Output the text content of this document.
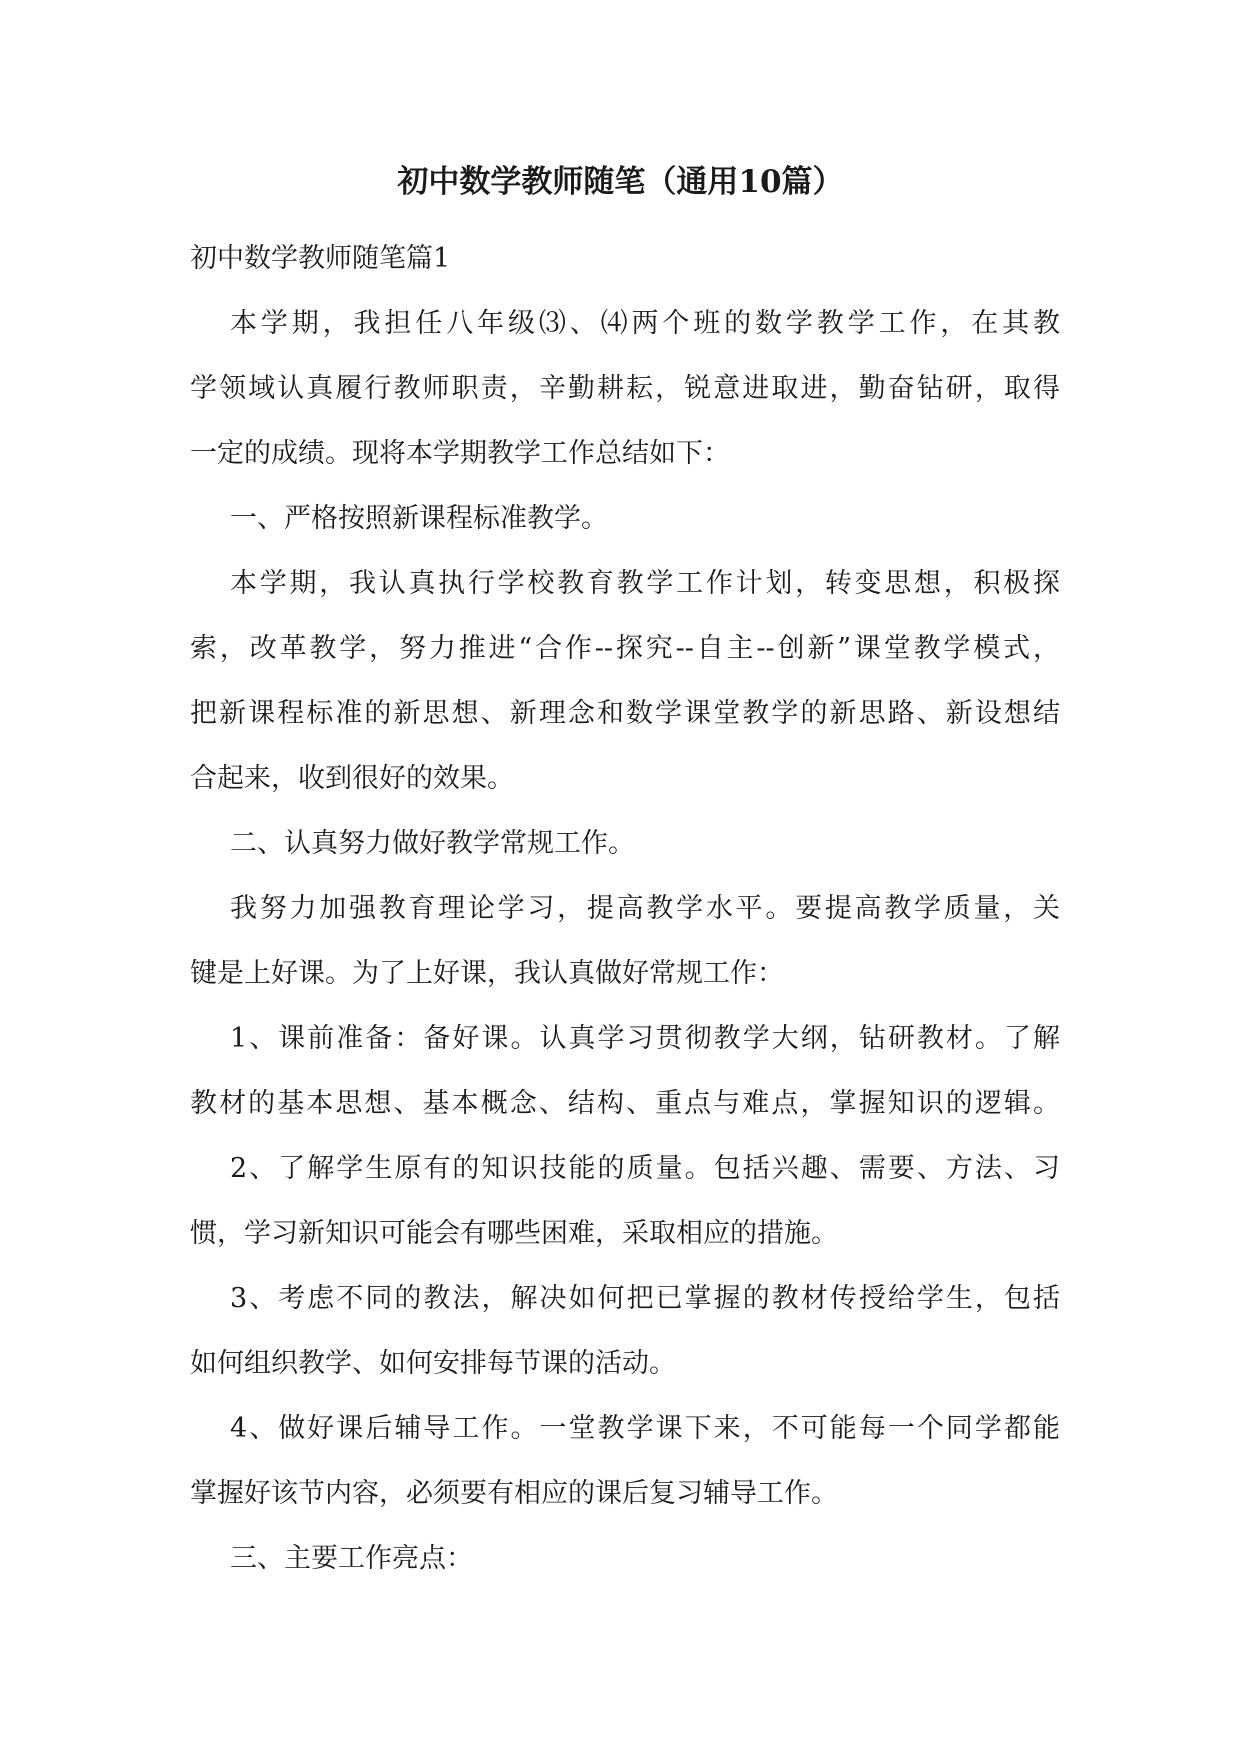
初中数学教师随笔（通用10篇）
初中数学教师随笔篇1
本学期，我担任八年级⑶、⑷两个班的数学教学工作，在其教
学领域认真履行教师职责，辛勤耕耘，锐意进取进，勤奋钻研，取得
一定的成绩。现将本学期教学工作总结如下：
一、严格按照新课程标准教学。
本学期，我认真执行学校教育教学工作计划，转变思想，积极探
索，改革教学，努力推进“合作--探究--自主--创新”课堂教学模式，
把新课程标准的新思想、新理念和数学课堂教学的新思路、新设想结
合起来，收到很好的效果。
二、认真努力做好教学常规工作。
我努力加强教育理论学习，提高教学水平。要提高教学质量，关
键是上好课。为了上好课，我认真做好常规工作：
1、课前准备：备好课。认真学习贯彻教学大纲，钻研教材。了解
教材的基本思想、基本概念、结构、重点与难点，掌握知识的逻辑。
2、了解学生原有的知识技能的质量。包括兴趣、需要、方法、习
惯，学习新知识可能会有哪些困难，采取相应的措施。
3、考虑不同的教法，解决如何把已掌握的教材传授给学生，包括
如何组织教学、如何安排每节课的活动。
4、做好课后辅导工作。一堂教学课下来，不可能每一个同学都能
掌握好该节内容，必须要有相应的课后复习辅导工作。
三、主要工作亮点：
